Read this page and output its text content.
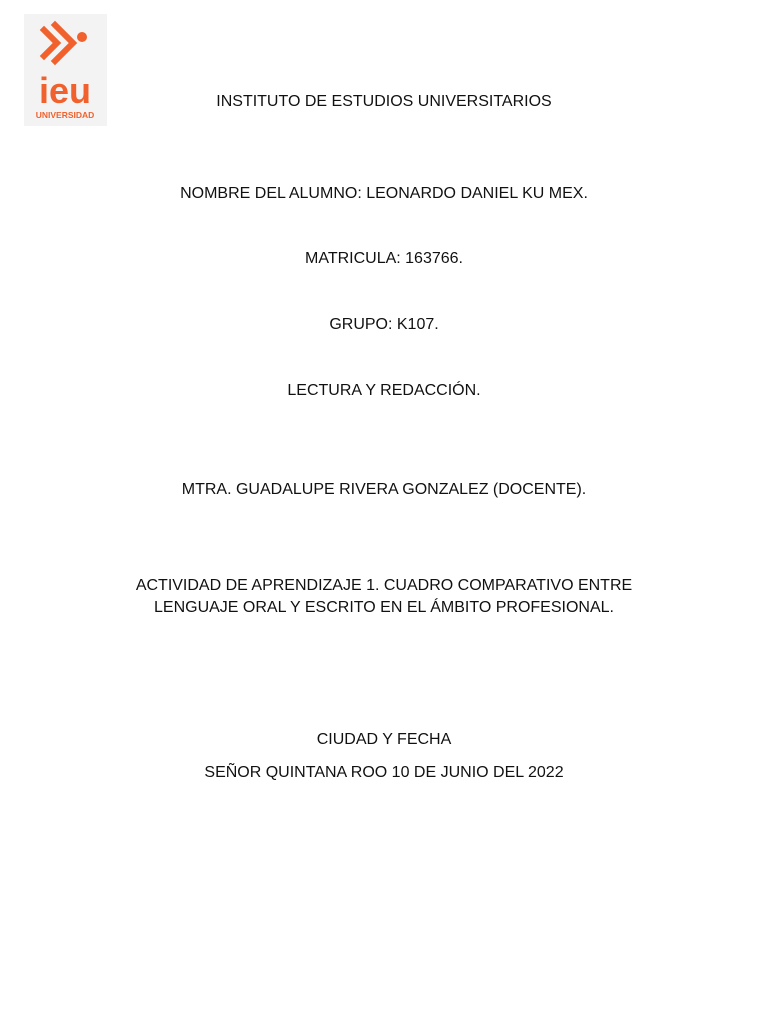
ieu
UNIVERSIDAD
INSTITUTO DE ESTUDIOS UNIVERSITARIOS
NOMBRE DEL ALUMNO: LEONARDO DANIEL KU MEX.
MATRICULA: 163766.
GRUPO: K107.
LECTURA Y REDACCIÓN.
MTRA. GUADALUPE RIVERA GONZALEZ (DOCENTE).
ACTIVIDAD DE APRENDIZAJE 1. CUADRO COMPARATIVO ENTRE
LENGUAJE ORAL Y ESCRITO EN EL ÁMBITO PROFESIONAL.
CIUDAD Y FECHA
SEÑOR QUINTANA ROO 10 DE JUNIO DEL 2022
